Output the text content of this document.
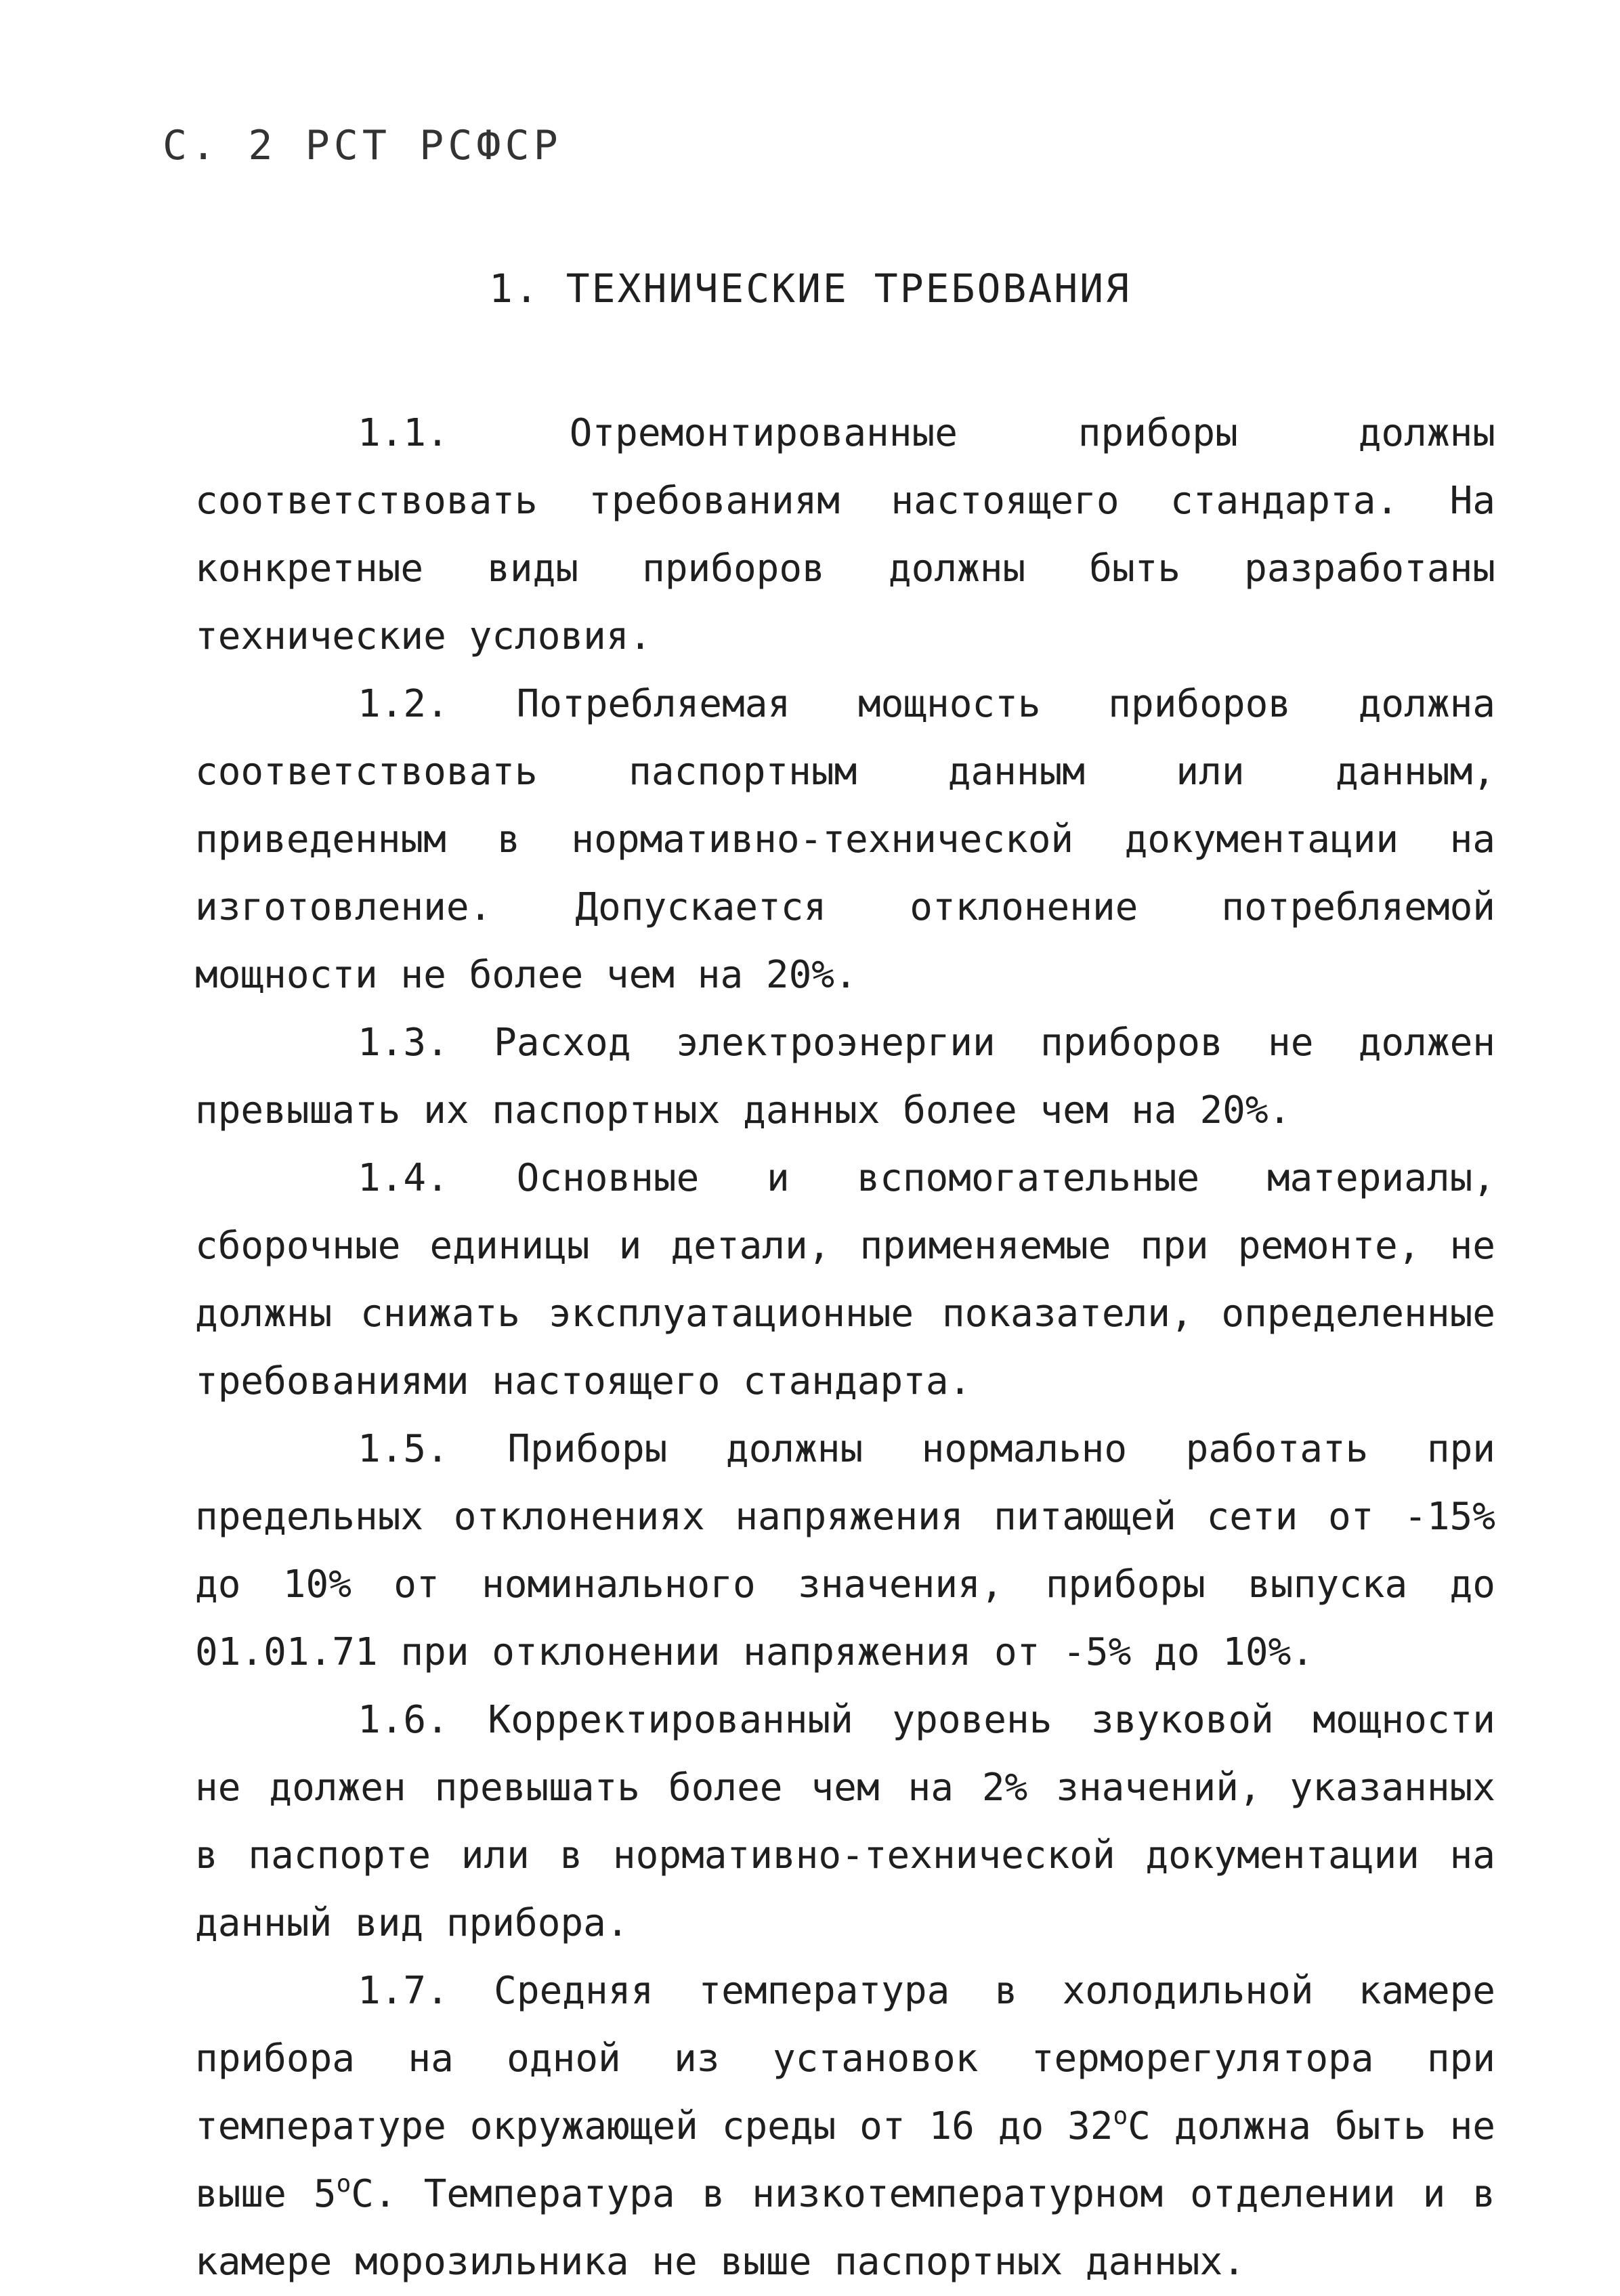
С. 2 РСТ РСФСР
1. ТЕХНИЧЕСКИЕ ТРЕБОВАНИЯ

1.1. Отремонтированные приборы должны соответствовать требованиям настоящего стандарта. На конкретные виды приборов должны быть разработаны технические условия.

1.2. Потребляемая мощность приборов должна соответствовать паспортным данным или данным, приведенным в нормативно-технической документации на изготовление. Допускается отклонение потребляемой мощности не более чем на 20%.

1.3. Расход электроэнергии приборов не должен превышать их паспортных данных более чем на 20%.

1.4. Основные и вспомогательные материалы, сборочные единицы и детали, применяемые при ремонте, не должны снижать эксплуатационные показатели, определенные требованиями настоящего стандарта.

1.5. Приборы должны нормально работать при предельных отклонениях напряжения питающей сети от -15% до 10% от номинального значения, приборы выпуска до 01.01.71 при отклонении напряжения от -5% до 10%.

1.6. Корректированный уровень звуковой мощности не должен превышать более чем на 2% значений, указанных в паспорте или в нормативно-технической документации на данный вид прибора.

1.7. Средняя температура в холодильной камере прибора на одной из установок терморегулятора при температуре окружающей среды от 16 до 32$^o$С должна быть не выше 5$^o$С. Температура в низкотемпературном отделении и в камере морозильника не выше паспортных данных.
